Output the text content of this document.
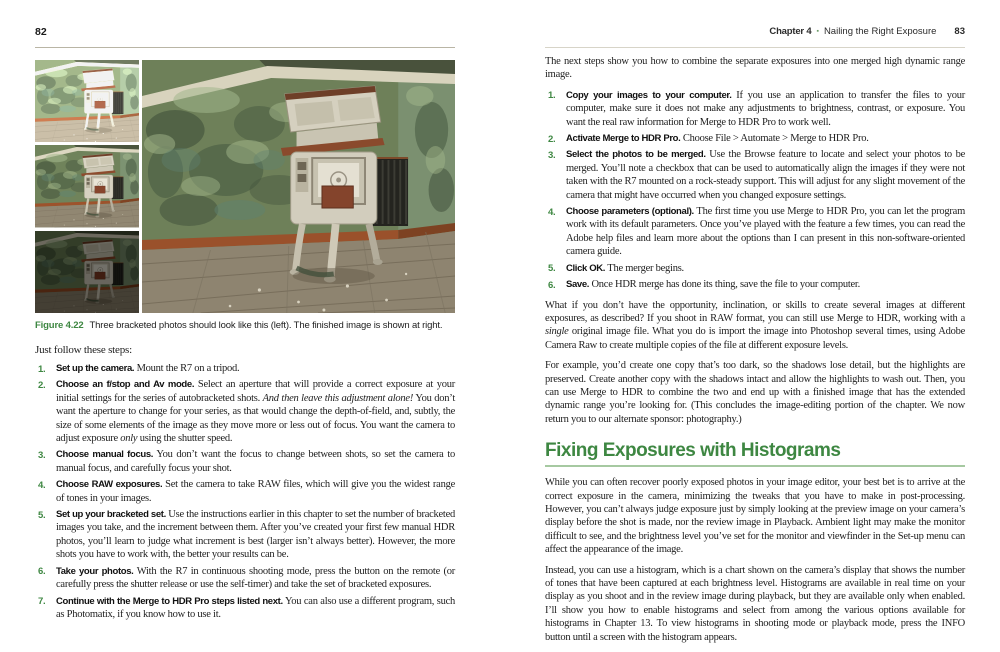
82
Figure 4.22 Three bracketed photos should look like this (left). The finished image is shown at right.

Just follow these steps:

1. Set up the camera. Mount the R7 on a tripod.
2. Choose an f/stop and Av mode. Select an aperture that will provide a correct exposure at your initial settings for the series of autobracketed shots. And then leave this adjustment alone! You don’t want the aperture to change for your series, as that would change the depth-of-field, and, subtly, the size of some elements of the image as they move more or less out of focus. You want the camera to adjust exposure only using the shutter speed.
3. Choose manual focus. You don’t want the focus to change between shots, so set the camera to manual focus, and carefully focus your shot.
4. Choose RAW exposures. Set the camera to take RAW files, which will give you the widest range of tones in your images.
5. Set up your bracketed set. Use the instructions earlier in this chapter to set the number of bracketed images you take, and the increment between them. After you’ve created your first few manual HDR photos, you’ll learn to judge what increment is best (larger isn’t always better). However, the more shots you have to work with, the better your results can be.
6. Take your photos. With the R7 in continuous shooting mode, press the button on the remote (or carefully press the shutter release or use the self-timer) and take the set of bracketed exposures.
7. Continue with the Merge to HDR Pro steps listed next. You can also use a different program, such as Photomatix, if you know how to use it.
Chapter 4 ▪ Nailing the Right Exposure 83

The next steps show you how to combine the separate exposures into one merged high dynamic range image.

1. Copy your images to your computer. If you use an application to transfer the files to your computer, make sure it does not make any adjustments to brightness, contrast, or exposure. You want the real raw information for Merge to HDR Pro to work well.
2. Activate Merge to HDR Pro. Choose File > Automate > Merge to HDR Pro.
3. Select the photos to be merged. Use the Browse feature to locate and select your photos to be merged. You’ll note a checkbox that can be used to automatically align the images if they were not taken with the R7 mounted on a rock-steady support. This will adjust for any slight movement of the camera that might have occurred when you changed exposure settings.
4. Choose parameters (optional). The first time you use Merge to HDR Pro, you can let the program work with its default parameters. Once you’ve played with the feature a few times, you can read the Adobe help files and learn more about the options than I can present in this non-software-oriented camera guide.
5. Click OK. The merger begins.
6. Save. Once HDR merge has done its thing, save the file to your computer.

What if you don’t have the opportunity, inclination, or skills to create several images at different exposures, as described? If you shoot in RAW format, you can still use Merge to HDR, working with a single original image file. What you do is import the image into Photoshop several times, using Adobe Camera Raw to create multiple copies of the file at different exposure levels.

For example, you’d create one copy that’s too dark, so the shadows lose detail, but the highlights are preserved. Create another copy with the shadows intact and allow the highlights to wash out. Then, you can use Merge to HDR to combine the two and end up with a finished image that has the extended dynamic range you’re looking for. (This concludes the image-editing portion of the chapter. We now return you to our alternate sponsor: photography.)

Fixing Exposures with Histograms

While you can often recover poorly exposed photos in your image editor, your best bet is to arrive at the correct exposure in the camera, minimizing the tweaks that you have to make in post-processing. However, you can’t always judge exposure just by simply looking at the preview image on your camera’s display before the shot is made, nor the review image in Playback. Ambient light may make the monitor difficult to see, and the brightness level you’ve set for the monitor and viewfinder in the Set-up menu can affect the appearance of the image.

Instead, you can use a histogram, which is a chart shown on the camera’s display that shows the number of tones that have been captured at each brightness level. Histograms are available in real time on your display as you shoot and in the review image during playback, but they are available only when enabled. I’ll show you how to enable histograms and select from among the various options available for histograms in Chapter 13. To view histograms in shooting mode or playback mode, press the INFO button until a screen with the histogram appears.
